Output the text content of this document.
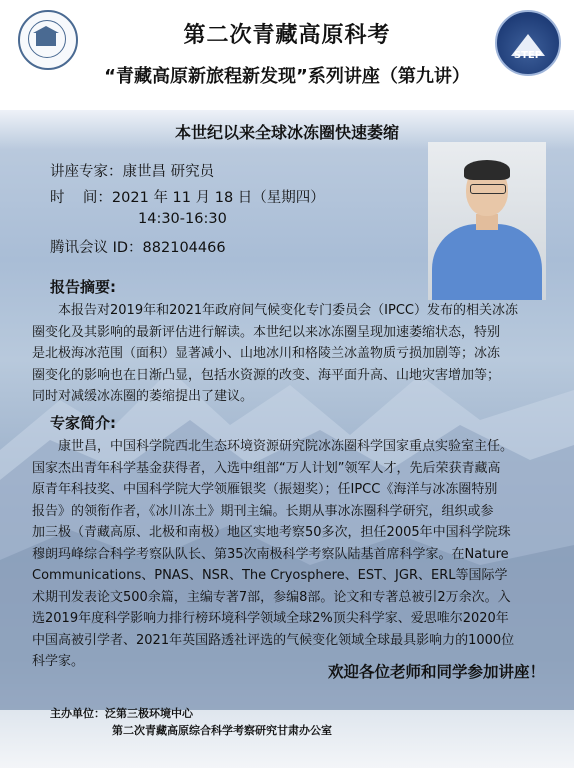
第二次青藏高原科考
“青藏高原新旅程新发现”系列讲座（第九讲）
STEP
本世纪以来全球冰冻圈快速萎缩
讲座专家：康世昌 研究员
时    间：2021 年 11 月 18 日（星期四）
14:30-16:30
腾讯会议 ID：882104466
报告摘要:
本报告对2019年和2021年政府间气候变化专门委员会（IPCC）发布的相关冰冻
圈变化及其影响的最新评估进行解读。本世纪以来冰冻圈呈现加速萎缩状态，特别
是北极海冰范围（面积）显著减小、山地冰川和格陵兰冰盖物质亏损加剧等；冰冻
圈变化的影响也在日渐凸显，包括水资源的改变、海平面升高、山地灾害增加等；
同时对减缓冰冻圈的萎缩提出了建议。
专家简介:
康世昌，中国科学院西北生态环境资源研究院冰冻圈科学国家重点实验室主任。
国家杰出青年科学基金获得者，入选中组部“万人计划”领军人才，先后荣获青藏高
原青年科技奖、中国科学院大学领雁银奖（振翅奖）；任IPCC《海洋与冰冻圈特别
报告》的领衔作者，《冰川冻土》期刊主编。长期从事冰冻圈科学研究，组织或参
加三极（青藏高原、北极和南极）地区实地考察50多次，担任2005年中国科学院珠
穆朗玛峰综合科学考察队队长、第35次南极科学考察队陆基首席科学家。在Nature
Communications、PNAS、NSR、The Cryosphere、EST、JGR、ERL等国际学
术期刊发表论文500余篇，主编专著7部，参编8部。论文和专著总被引2万余次。入
选2019年度科学影响力排行榜环境科学领域全球2%顶尖科学家、爱思唯尔2020年
中国高被引学者、2021年英国路透社评选的气候变化领域全球最具影响力的1000位
科学家。
欢迎各位老师和同学参加讲座！
主办单位：泛第三极环境中心
第二次青藏高原综合科学考察研究甘肃办公室
